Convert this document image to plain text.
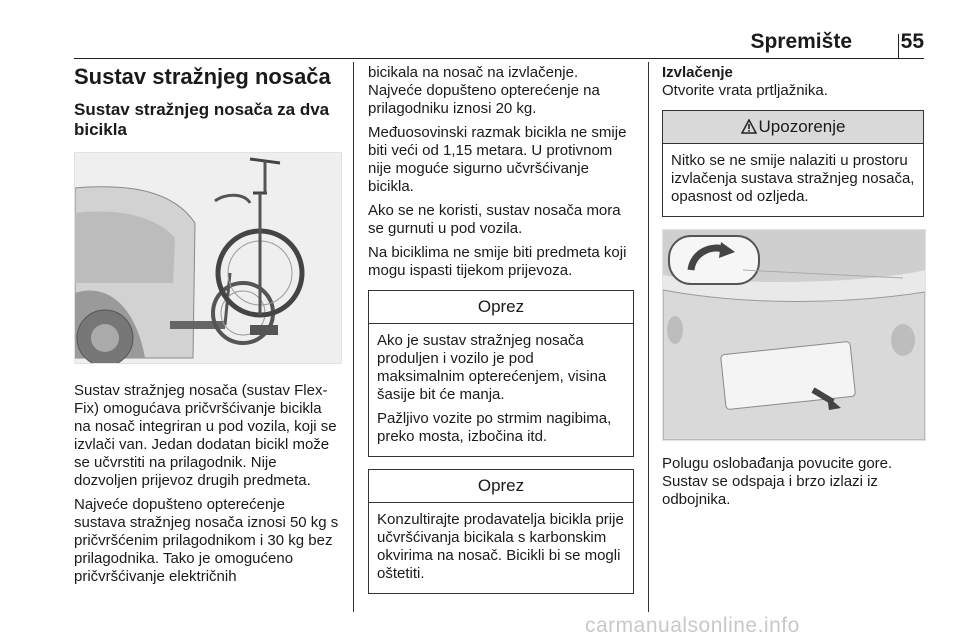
Spremište 55
Sustav stražnjeg nosača
Sustav stražnjeg nosača za dva bicikla

Sustav stražnjeg nosača (sustav Flex-Fix) omogućava pričvršćivanje bicikla na nosač integriran u pod vozila, koji se izvlači van. Jedan dodatan bicikl može se učvrstiti na prilagodnik. Nije dozvoljen prijevoz drugih predmeta.

Najveće dopušteno opterećenje sustava stražnjeg nosača iznosi 50 kg s pričvršćenim prilagodnikom i 30 kg bez prilagodnika. Tako je omogućeno pričvršćivanje električnih

bicikala na nosač na izvlačenje. Najveće dopušteno opterećenje na prilagodniku iznosi 20 kg.

Međuosovinski razmak bicikla ne smije biti veći od 1,15 metara. U protivnom nije moguće sigurno učvršćivanje bicikla.

Ako se ne koristi, sustav nosača mora se gurnuti u pod vozila.

Na biciklima ne smije biti predmeta koji mogu ispasti tijekom prijevoza.

Oprez

Ako je sustav stražnjeg nosača produljen i vozilo je pod maksimalnim opterećenjem, visina šasije bit će manja.

Pažljivo vozite po strmim nagibima, preko mosta, izbočina itd.

Oprez

Konzultirajte prodavatelja bicikla prije učvršćivanja bicikala s karbonskim okvirima na nosač. Bicikli bi se mogli oštetiti.

Izvlačenje

Otvorite vrata prtljažnika.

Upozorenje

Nitko se ne smije nalaziti u prostoru izvlačenja sustava stražnjeg nosača, opasnost od ozljeda.

Polugu oslobađanja povucite gore. Sustav se odspaja i brzo izlazi iz odbojnika.

carmanualsonline.info
